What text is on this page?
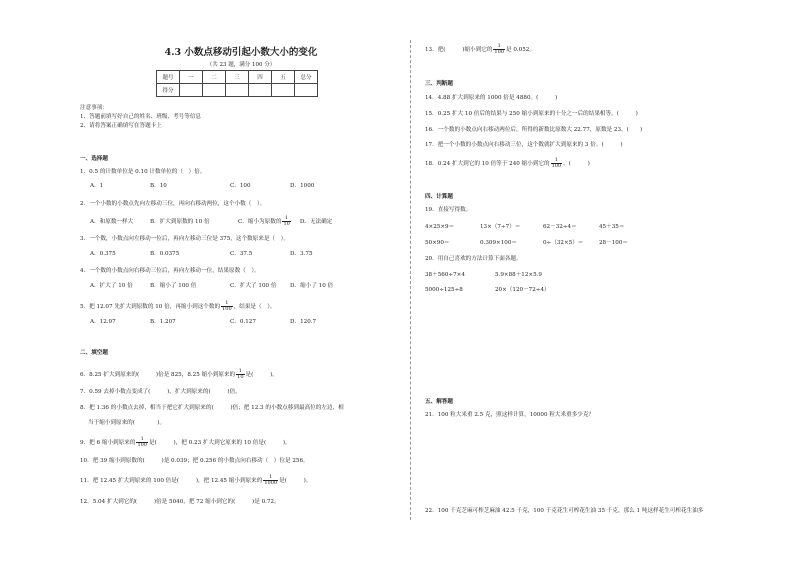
4.3 小数点移动引起小数大小的变化
（共 23 题，满分 100 分）
题号	一	二	三	四	五	总分
得分						
注意事项：
1、答题前填写好自己的姓名、班级、考号等信息
2、请将答案正确填写在答题卡上
一、选择题
1．0.5 的计数单位是 0.10 计数单位的（　）倍。
A．1	B．10	C．100	D．1000
2．一个小数的小数点先向左移动三位，再向右移动两位，这个小数（　）。
A．和原数一样大	B．扩大到原数的 10 倍	C．缩小为原数的 $\frac{1}{10}$ D．无法确定
3．一个数，小数点向左移动一位后，再向左移动三位是 375，这个数原来是（　）。
A．0.375	B．0.0375	C．37.5	D．3.75
4．一个数的小数点向右移动三位后，再向左移动一位，结果原数（　）。
A．扩大了 10 倍	B．缩小了 100 倍	C．扩大了 100 倍 D．缩小了 10 倍
5．把 12.07 先扩大到原数的 10 倍，再缩小到这个数的 $\frac{1}{100}$ ，结果是（　）。
A．12.07	B．1.207	C．0.127	D．120.7
二、填空题
6．8.25 扩大到原来的(　　　)倍是 825，8.25 缩小到原来的 $\frac{1}{10}$ 是(　　　)。
7．0.59 去掉小数点变成了(　　　)，扩大到原来的(　　　)倍。
8．把 1.36 的小数点去掉，相当于把它扩大到原来的(　　　)倍；把 12.3 的小数点移到最高位的左边，相
当于缩小到原来的(　　　　)。
9．把 6 缩小到原来的 $\frac{1}{100}$ 是(　　　)，把 0.23 扩大到它原来的 10 倍是(　　　)。
10．把 39 缩小到原数的(　　　)是 0.039；把 0.256 的小数点向右移动（　）位是 256。
11．把 12.45 扩大到原来的 100 倍是(　　　)，把 12.45 缩小到原来的 $\frac{1}{1000}$ 是(　　　)。
12．5.04 扩大到它的(　　　)倍是 5040，把 72 缩小到它的(　　　)是 0.72。
13．把(　　　)缩小到它的 $\frac{1}{100}$ 是 0.052。
三、判断题
14．4.88 扩大到原来的 1000 倍是 4880。(　　　)
15．0.25 扩大 10 倍后的结果与 250 缩小到原来的十分之一后的结果相等。(　　　)
16．一个数的小数点向右移动两位后，所得的新数比原数大 22.77，原数是 23。(　　)
17．把一个小数的小数点向右移动三位，这个数就扩大到原来的 3 倍。(　　　)
18．0.24 扩大到它的 10 倍等于 240 缩小到它的 $\frac{1}{100}$ 。(　　　)
四、计算题
19．直接写得数。
4×25×9＝	13×（7÷7）＝	62－32÷4＝	45＋35＝
50×90＝	0.309×100＝	0÷（32×5）＝	28－100＝
20．用自己喜欢的方法计算下面各题。
38＋560÷7×4	5.9×88＋12×5.9
5000÷125÷8	20×（120－72÷4）
五、解答题
21．100 粒大米重 2.5 克，照这样计算，10000 粒大米重多少克？
22．100 千克芝麻可榨芝麻油 42.5 千克，100 千克花生可榨花生油 35 千克，那么 1 吨这样花生可榨花生油多
